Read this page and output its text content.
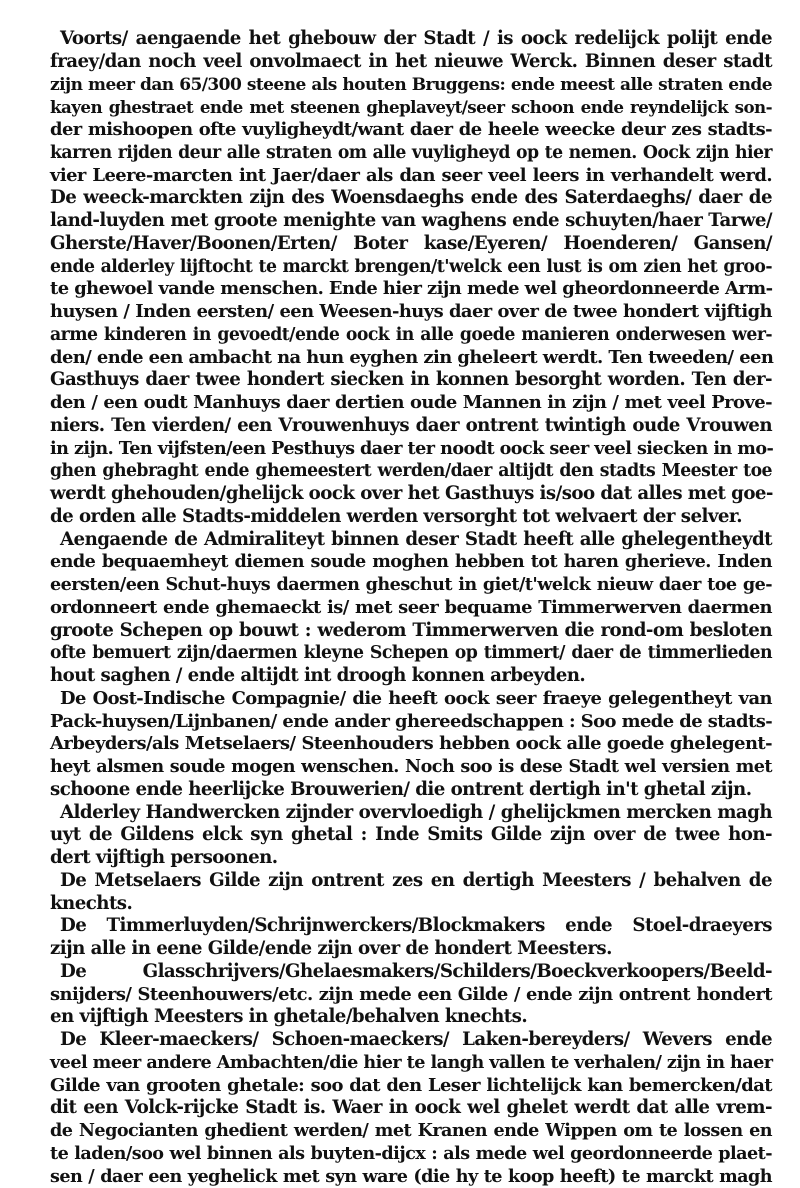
Voorts/ aengaende het ghebouw der Stadt / is oock redelijck polijt ende
fraey/dan noch veel onvolmaect in het nieuwe Werck. Binnen deser stadt
zijn meer dan 65/300 steene als houten Bruggens: ende meest alle straten ende
kayen ghestraet ende met steenen gheplaveyt/seer schoon ende reyndelijck son-
der mishoopen ofte vuyligheydt/want daer de heele weecke deur zes stadts-
karren rijden deur alle straten om alle vuyligheyd op te nemen. Oock zijn hier
vier Leere-marcten int Jaer/daer als dan seer veel leers in verhandelt werd.
De weeck-marckten zijn des Woensdaeghs ende des Saterdaeghs/ daer de
land-luyden met groote menighte van waghens ende schuyten/haer Tarwe/
Gherste/Haver/Boonen/Erten/ Boter kase/Eyeren/ Hoenderen/ Gansen/
ende alderley lijftocht te marckt brengen/t'welck een lust is om zien het groo-
te ghewoel vande menschen. Ende hier zijn mede wel gheordonneerde Arm-
huysen / Inden eersten/ een Weesen-huys daer over de twee hondert vijftigh
arme kinderen in gevoedt/ende oock in alle goede manieren onderwesen wer-
den/ ende een ambacht na hun eyghen zin gheleert werdt. Ten tweeden/ een
Gasthuys daer twee hondert siecken in konnen besorght worden. Ten der-
den / een oudt Manhuys daer dertien oude Mannen in zijn / met veel Prove-
niers. Ten vierden/ een Vrouwenhuys daer ontrent twintigh oude Vrouwen
in zijn. Ten vijfsten/een Pesthuys daer ter noodt oock seer veel siecken in mo-
ghen ghebraght ende ghemeestert werden/daer altijdt den stadts Meester toe
werdt ghehouden/ghelijck oock over het Gasthuys is/soo dat alles met goe-
de orden alle Stadts-middelen werden versorght tot welvaert der selver.
Aengaende de Admiraliteyt binnen deser Stadt heeft alle ghelegentheydt
ende bequaemheyt diemen soude moghen hebben tot haren gherieve. Inden
eersten/een Schut-huys daermen gheschut in giet/t'welck nieuw daer toe ge-
ordonneert ende ghemaeckt is/ met seer bequame Timmerwerven daermen
groote Schepen op bouwt : wederom Timmerwerven die rond-om besloten
ofte bemuert zijn/daermen kleyne Schepen op timmert/ daer de timmerlieden
hout saghen / ende altijdt int droogh konnen arbeyden.
De Oost-Indische Compagnie/ die heeft oock seer fraeye gelegentheyt van
Pack-huysen/Lijnbanen/ ende ander ghereedschappen : Soo mede de stadts-
Arbeyders/als Metselaers/ Steenhouders hebben oock alle goede ghelegent-
heyt alsmen soude mogen wenschen. Noch soo is dese Stadt wel versien met
schoone ende heerlijcke Brouwerien/ die ontrent dertigh in't ghetal zijn.
Alderley Handwercken zijnder overvloedigh / ghelijckmen mercken magh
uyt de Gildens elck syn ghetal : Inde Smits Gilde zijn over de twee hon-
dert vijftigh persoonen.
De Metselaers Gilde zijn ontrent zes en dertigh Meesters / behalven de
knechts.
De Timmerluyden/Schrijnwerckers/Blockmakers ende Stoel-draeyers
zijn alle in eene Gilde/ende zijn over de hondert Meesters.
De Glasschrijvers/Ghelaesmakers/Schilders/Boeckverkoopers/Beeld-
snijders/ Steenhouwers/etc. zijn mede een Gilde / ende zijn ontrent hondert
en vijftigh Meesters in ghetale/behalven knechts.
De Kleer-maeckers/ Schoen-maeckers/ Laken-bereyders/ Wevers ende
veel meer andere Ambachten/die hier te langh vallen te verhalen/ zijn in haer
Gilde van grooten ghetale: soo dat den Leser lichtelijck kan bemercken/dat
dit een Volck-rijcke Stadt is. Waer in oock wel ghelet werdt dat alle vrem-
de Negocianten ghedient werden/ met Kranen ende Wippen om te lossen en
te laden/soo wel binnen als buyten-dijcx : als mede wel geordonneerde plaet-
sen / daer een yeghelick met syn ware (die hy te koop heeft) te marckt magh
